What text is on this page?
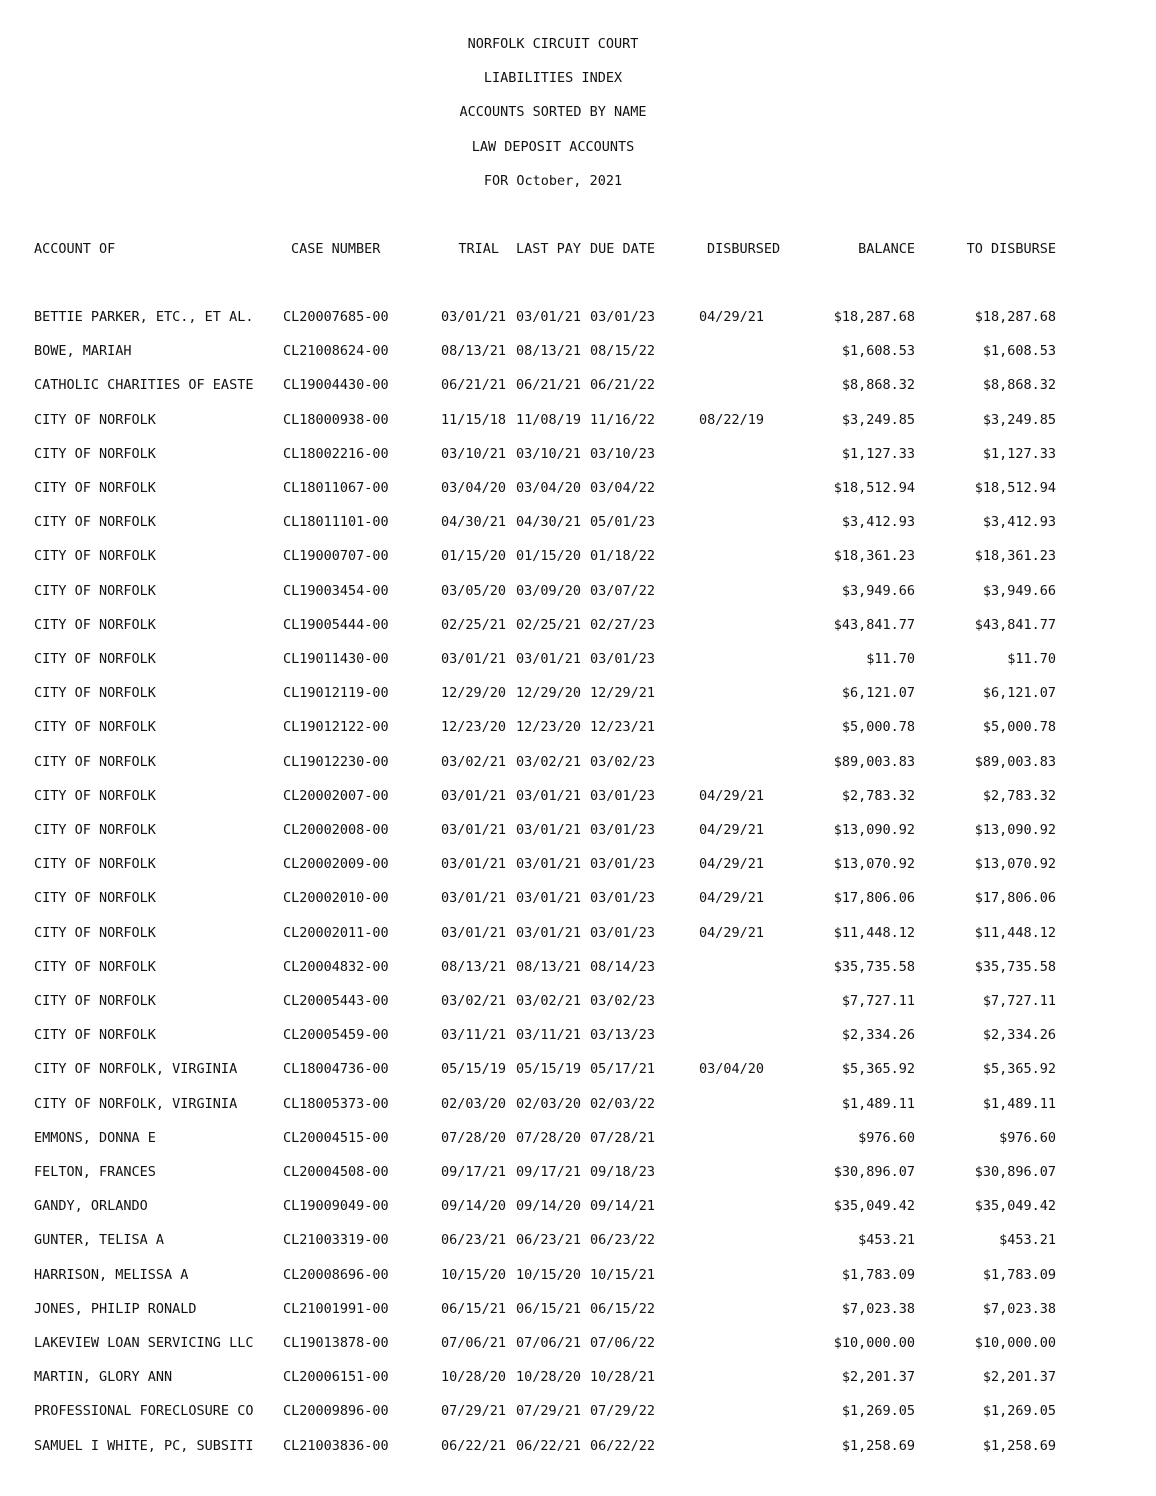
NORFOLK CIRCUIT COURT
LIABILITIES INDEX
ACCOUNTS SORTED BY NAME
LAW DEPOSIT ACCOUNTS
FOR October, 2021
ACCOUNT OF	CASE NUMBER	TRIAL LAST PAY DUE DATE	DISBURSED	BALANCE	TO DISBURSE
BETTIE PARKER, ETC., ET AL. CL20007685-00	03/01/21 03/01/21 03/01/23	04/29/21	$18,287.68	$18,287.68
BOWE, MARIAH	CL21008624-00	08/13/21 08/13/21 08/15/22	$1,608.53	$1,608.53
CATHOLIC CHARITIES OF EASTE CL19004430-00	06/21/21 06/21/21 06/21/22	$8,868.32	$8,868.32
CITY OF NORFOLK	CL18000938-00	11/15/18 11/08/19 11/16/22	08/22/19	$3,249.85	$3,249.85
CITY OF NORFOLK	CL18002216-00	03/10/21 03/10/21 03/10/23	$1,127.33	$1,127.33
CITY OF NORFOLK	CL18011067-00	03/04/20 03/04/20 03/04/22	$18,512.94	$18,512.94
CITY OF NORFOLK	CL18011101-00	04/30/21 04/30/21 05/01/23	$3,412.93	$3,412.93
CITY OF NORFOLK	CL19000707-00	01/15/20 01/15/20 01/18/22	$18,361.23	$18,361.23
CITY OF NORFOLK	CL19003454-00	03/05/20 03/09/20 03/07/22	$3,949.66	$3,949.66
CITY OF NORFOLK	CL19005444-00	02/25/21 02/25/21 02/27/23	$43,841.77	$43,841.77
CITY OF NORFOLK	CL19011430-00	03/01/21 03/01/21 03/01/23	$11.70	$11.70
CITY OF NORFOLK	CL19012119-00	12/29/20 12/29/20 12/29/21	$6,121.07	$6,121.07
CITY OF NORFOLK	CL19012122-00	12/23/20 12/23/20 12/23/21	$5,000.78	$5,000.78
CITY OF NORFOLK	CL19012230-00	03/02/21 03/02/21 03/02/23	$89,003.83	$89,003.83
CITY OF NORFOLK	CL20002007-00	03/01/21 03/01/21 03/01/23	04/29/21	$2,783.32	$2,783.32
CITY OF NORFOLK	CL20002008-00	03/01/21 03/01/21 03/01/23	04/29/21	$13,090.92	$13,090.92
CITY OF NORFOLK	CL20002009-00	03/01/21 03/01/21 03/01/23	04/29/21	$13,070.92	$13,070.92
CITY OF NORFOLK	CL20002010-00	03/01/21 03/01/21 03/01/23	04/29/21	$17,806.06	$17,806.06
CITY OF NORFOLK	CL20002011-00	03/01/21 03/01/21 03/01/23	04/29/21	$11,448.12	$11,448.12
CITY OF NORFOLK	CL20004832-00	08/13/21 08/13/21 08/14/23	$35,735.58	$35,735.58
CITY OF NORFOLK	CL20005443-00	03/02/21 03/02/21 03/02/23	$7,727.11	$7,727.11
CITY OF NORFOLK	CL20005459-00	03/11/21 03/11/21 03/13/23	$2,334.26	$2,334.26
CITY OF NORFOLK, VIRGINIA	CL18004736-00	05/15/19 05/15/19 05/17/21	03/04/20	$5,365.92	$5,365.92
CITY OF NORFOLK, VIRGINIA	CL18005373-00	02/03/20 02/03/20 02/03/22	$1,489.11	$1,489.11
EMMONS, DONNA E	CL20004515-00	07/28/20 07/28/20 07/28/21	$976.60	$976.60
FELTON, FRANCES	CL20004508-00	09/17/21 09/17/21 09/18/23	$30,896.07	$30,896.07
GANDY, ORLANDO	CL19009049-00	09/14/20 09/14/20 09/14/21	$35,049.42	$35,049.42
GUNTER, TELISA A	CL21003319-00	06/23/21 06/23/21 06/23/22	$453.21	$453.21
HARRISON, MELISSA A	CL20008696-00	10/15/20 10/15/20 10/15/21	$1,783.09	$1,783.09
JONES, PHILIP RONALD	CL21001991-00	06/15/21 06/15/21 06/15/22	$7,023.38	$7,023.38
LAKEVIEW LOAN SERVICING LLC CL19013878-00	07/06/21 07/06/21 07/06/22	$10,000.00	$10,000.00
MARTIN, GLORY ANN	CL20006151-00	10/28/20 10/28/20 10/28/21	$2,201.37	$2,201.37
PROFESSIONAL FORECLOSURE CO CL20009896-00	07/29/21 07/29/21 07/29/22	$1,269.05	$1,269.05
SAMUEL I WHITE, PC, SUBSITI CL21003836-00	06/22/21 06/22/21 06/22/22	$1,258.69	$1,258.69
